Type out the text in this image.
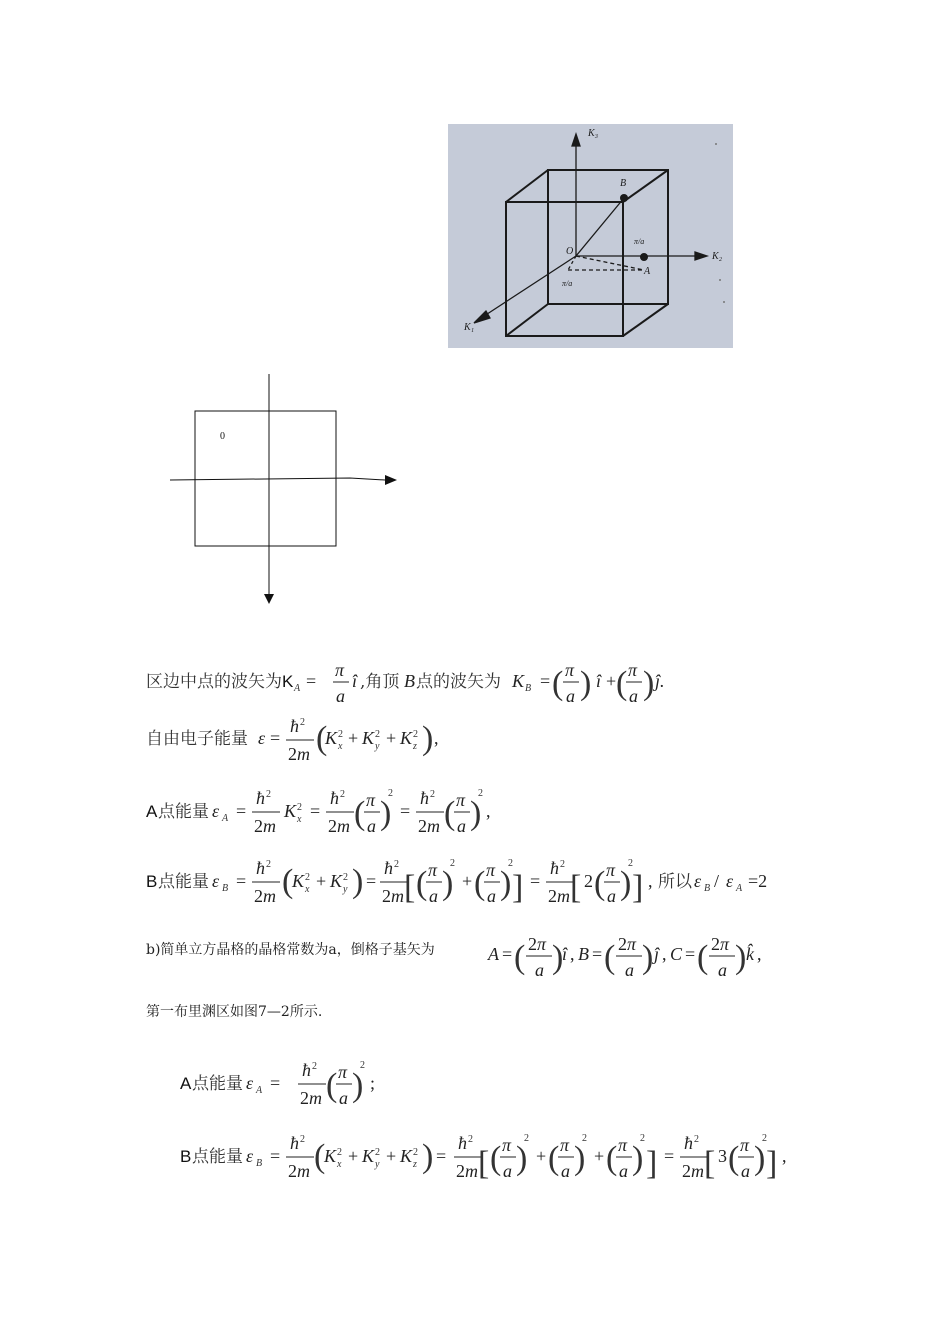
K₃
K₂
K₁
B
A
O
π/a
π/a
0
区边中点的波矢为 K A =
π
a
î ,角顶 B 点的波矢为 K B = ( π
a ) î + ( π
a ) ĵ.
自由电子能量 ε =
ħ 2
2m (
K x
2 + K y
2 + K z
2 ) ,
A 点能量 ε A =
ħ 2
2m
K x
2 =
ħ 2
2m ( π
a )
2
=
ħ 2
2m ( π
a )
2
,
B 点能量 ε B =
ħ 2
2m (
K x
2 + K y
2 ) =
ħ 2
2m [ ( π
a )
2
+ ( π
a )
2
] =
ħ 2
2m [ 2 ( π
a )
2
] , 所以 ε B / ε A =2
b)简单立方晶格的晶格常数为a，倒格子基矢为	A = ( 2π
a )
î , B = ( 2π
a ) ĵ , C = ( 2π
a ) k̂ ,
第一布里渊区如图7—2所示.
A 点能量 ε A =
ħ 2
2m ( π
a )
2
;
B 点能量 ε B =
ħ 2
2m (
K x
2 + K y
2 + K z
2 ) =
ħ 2
2m [ ( π
a )
2
+ ( π
a )
2
+ ( π
a )
2
] =
ħ 2
2m [ 3 ( π
a )
2
] ,
